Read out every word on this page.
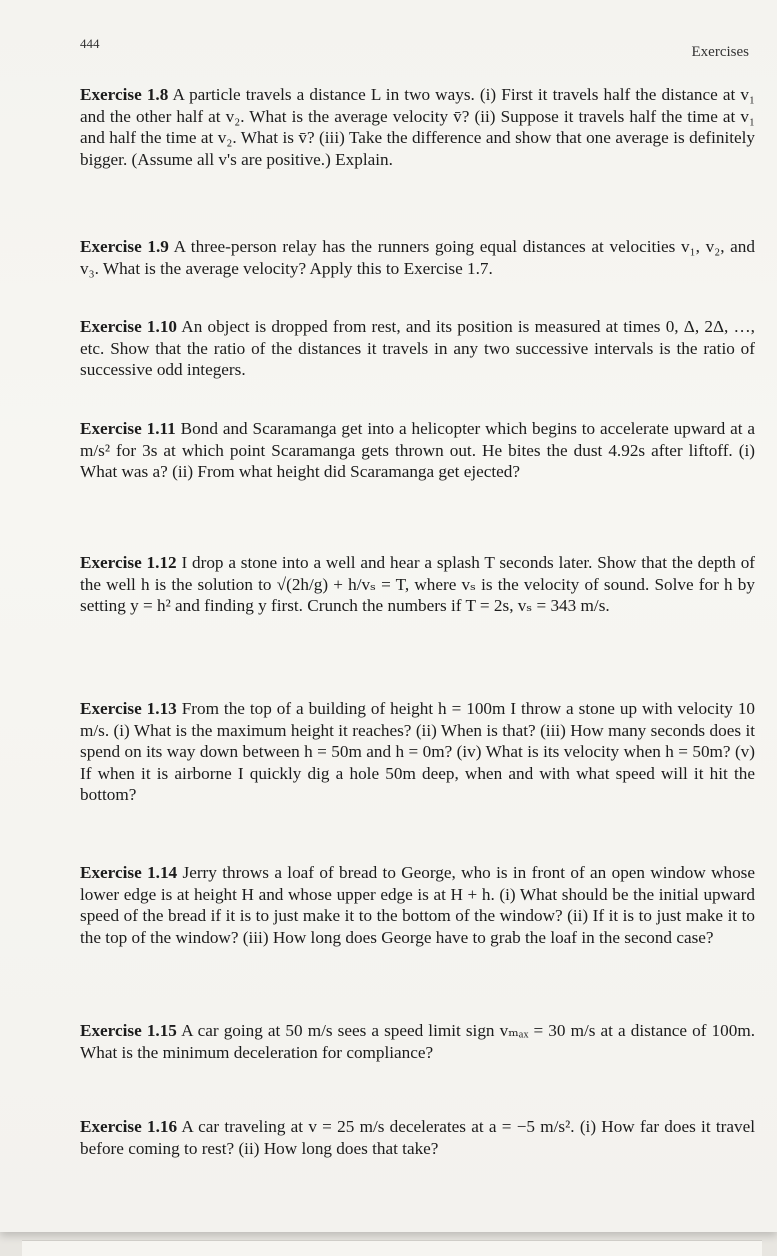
444
Exercises
Exercise 1.8 A particle travels a distance L in two ways. (i) First it travels half the distance at v₁ and the other half at v₂. What is the average velocity v̄? (ii) Suppose it travels half the time at v₁ and half the time at v₂. What is v̄? (iii) Take the difference and show that one average is definitely bigger. (Assume all v's are positive.) Explain.
Exercise 1.9 A three-person relay has the runners going equal distances at velocities v₁, v₂, and v₃. What is the average velocity? Apply this to Exercise 1.7.
Exercise 1.10 An object is dropped from rest, and its position is measured at times 0, Δ, 2Δ, …, etc. Show that the ratio of the distances it travels in any two successive intervals is the ratio of successive odd integers.
Exercise 1.11 Bond and Scaramanga get into a helicopter which begins to accelerate upward at a m/s² for 3s at which point Scaramanga gets thrown out. He bites the dust 4.92s after liftoff. (i) What was a? (ii) From what height did Scaramanga get ejected?
Exercise 1.12 I drop a stone into a well and hear a splash T seconds later. Show that the depth of the well h is the solution to √(2h/g) + h/vₛ = T, where vₛ is the velocity of sound. Solve for h by setting y = h² and finding y first. Crunch the numbers if T = 2s, vₛ = 343 m/s.
Exercise 1.13 From the top of a building of height h = 100m I throw a stone up with velocity 10 m/s. (i) What is the maximum height it reaches? (ii) When is that? (iii) How many seconds does it spend on its way down between h = 50m and h = 0m? (iv) What is its velocity when h = 50m? (v) If when it is airborne I quickly dig a hole 50m deep, when and with what speed will it hit the bottom?
Exercise 1.14 Jerry throws a loaf of bread to George, who is in front of an open window whose lower edge is at height H and whose upper edge is at H + h. (i) What should be the initial upward speed of the bread if it is to just make it to the bottom of the window? (ii) If it is to just make it to the top of the window? (iii) How long does George have to grab the loaf in the second case?
Exercise 1.15 A car going at 50 m/s sees a speed limit sign vₘₐₓ = 30 m/s at a distance of 100m. What is the minimum deceleration for compliance?
Exercise 1.16 A car traveling at v = 25 m/s decelerates at a = −5 m/s². (i) How far does it travel before coming to rest? (ii) How long does that take?
